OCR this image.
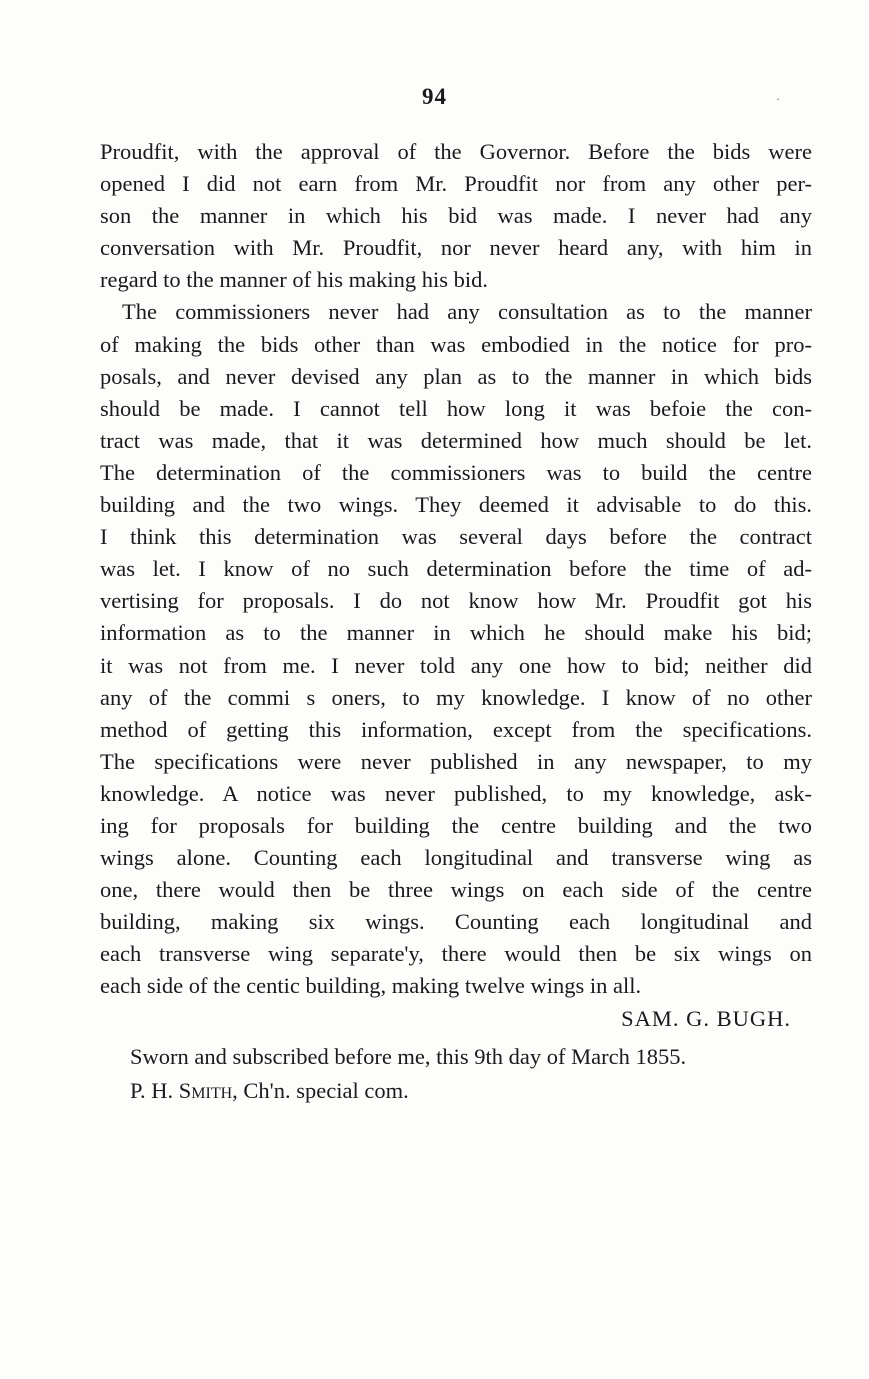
94	·
Proudfit, with the approval of the Governor. Before the bids were
opened I did not earn from Mr. Proudfit nor from any other per-
son the manner in which his bid was made. I never had any
conversation with Mr. Proudfit, nor never heard any, with him in
regard to the manner of his making his bid.
The commissioners never had any consultation as to the manner
of making the bids other than was embodied in the notice for pro-
posals, and never devised any plan as to the manner in which bids
should be made. I cannot tell how long it was befoie the con-
tract was made, that it was determined how much should be let.
The determination of the commissioners was to build the centre
building and the two wings. They deemed it advisable to do this.
I think this determination was several days before the contract
was let. I know of no such determination before the time of ad-
vertising for proposals. I do not know how Mr. Proudfit got his
information as to the manner in which he should make his bid;
it was not from me. I never told any one how to bid; neither did
any of the commi s oners, to my knowledge. I know of no other
method of getting this information, except from the specifications.
The specifications were never published in any newspaper, to my
knowledge. A notice was never published, to my knowledge, ask-
ing for proposals for building the centre building and the two
wings alone. Counting each longitudinal and transverse wing as
one, there would then be three wings on each side of the centre
building, making six wings. Counting each longitudinal and
each transverse wing separate'y, there would then be six wings on
each side of the centic building, making twelve wings in all.
SAM. G. BUGH.
Sworn and subscribed before me, this 9th day of March 1855.
P. H. Smith, Ch'n. special com.
